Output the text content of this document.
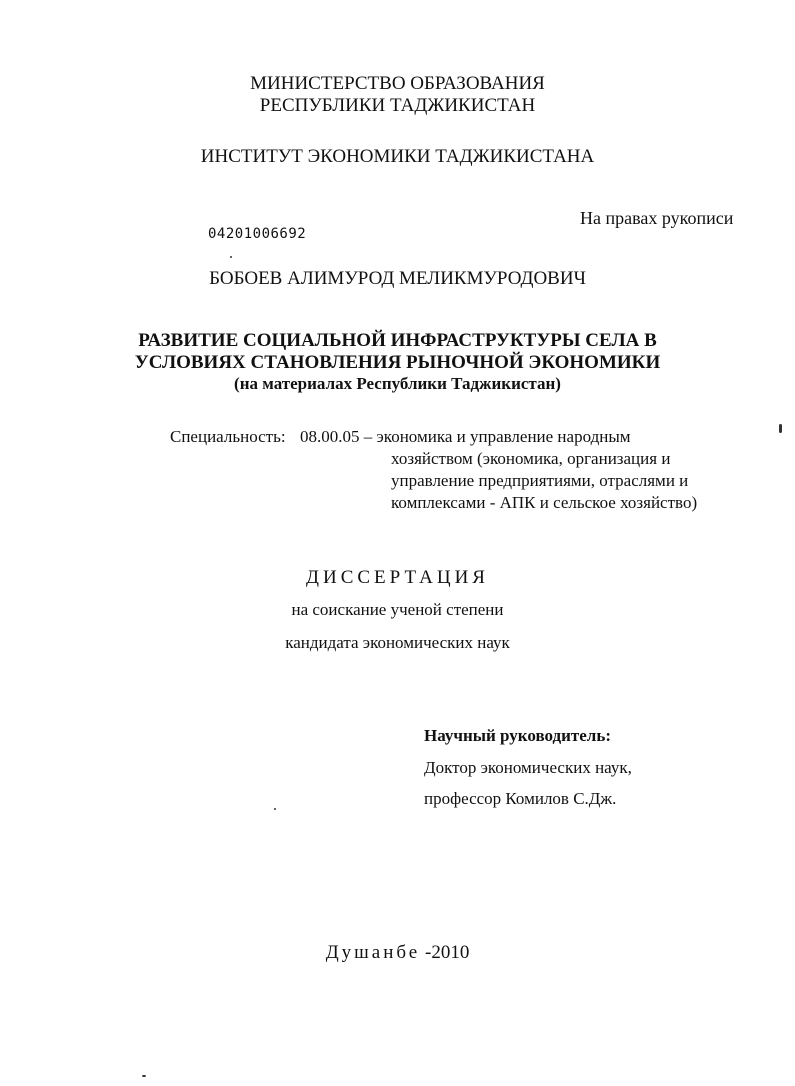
МИНИСТЕРСТВО ОБРАЗОВАНИЯ
РЕСПУБЛИКИ ТАДЖИКИСТАН
ИНСТИТУТ ЭКОНОМИКИ ТАДЖИКИСТАНА
На правах рукописи
04201006692
БОБОЕВ АЛИМУРОД МЕЛИКМУРОДОВИЧ
РАЗВИТИЕ СОЦИАЛЬНОЙ ИНФРАСТРУКТУРЫ СЕЛА В
УСЛОВИЯХ СТАНОВЛЕНИЯ РЫНОЧНОЙ ЭКОНОМИКИ
(на материалах Республики Таджикистан)
Специальность: 08.00.05 – экономика и управление народным
хозяйством (экономика, организация и
управление предприятиями, отраслями и
комплексами - АПК и сельское хозяйство)
ДИССЕРТАЦИЯ
на соискание ученой степени
кандидата экономических наук
Научный руководитель:
Доктор экономических наук,
профессор Комилов С.Дж.
Душанбе -2010
